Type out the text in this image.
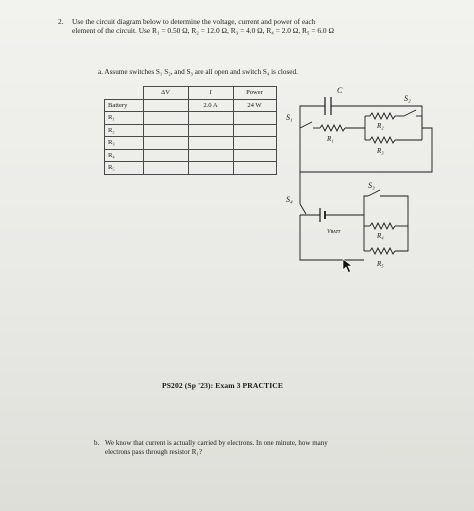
2. Use the circuit diagram below to determine the voltage, current and power of each
element of the circuit. Use R₁ = 0.50 Ω, R₂ = 12.0 Ω, R₃ = 4.0 Ω, R₄ = 2.0 Ω, R₅ = 6.0 Ω
a. Assume switches S₁ S₂, and S₃ are all open and switch S₄ is closed.
	ΔV	I	Power
Battery		2.0 A	24 W
R₁			
R₂			
R₃			
R₄			
R₅			
C
S₁
S₂
S₃
S₄
R₁
R₂
R₃
R₄
R₅
Vʙᴀᴛᴛ
PS202 (Sp '23): Exam 3 PRACTICE
b. We know that current is actually carried by electrons. In one minute, how many
electrons pass through resistor R₁?
